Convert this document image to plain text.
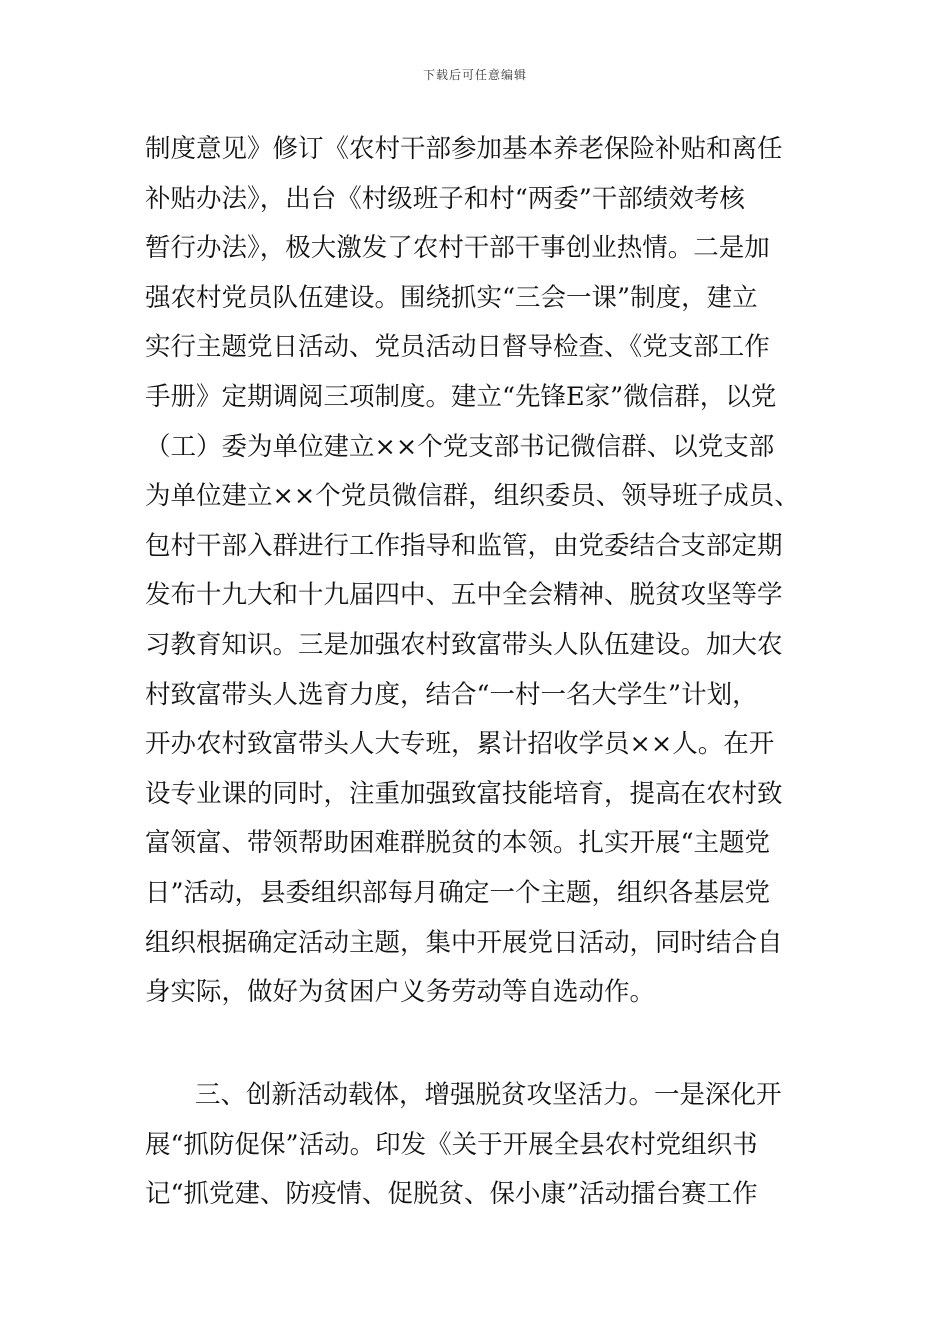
下载后可任意编辑
制度意见》修订《农村干部参加基本养老保险补贴和离任
补贴办法》，出台《村级班子和村“两委”干部绩效考核
暂行办法》，极大激发了农村干部干事创业热情。二是加
强农村党员队伍建设。围绕抓实“三会一课”制度，建立
实行主题党日活动、党员活动日督导检查、《党支部工作
手册》定期调阅三项制度。建立“先锋E家”微信群，以党
（工）委为单位建立××个党支部书记微信群、以党支部
为单位建立××个党员微信群，组织委员、领导班子成员、
包村干部入群进行工作指导和监管，由党委结合支部定期
发布十九大和十九届四中、五中全会精神、脱贫攻坚等学
习教育知识。三是加强农村致富带头人队伍建设。加大农
村致富带头人选育力度，结合“一村一名大学生”计划，
开办农村致富带头人大专班，累计招收学员××人。在开
设专业课的同时，注重加强致富技能培育，提高在农村致
富领富、带领帮助困难群脱贫的本领。扎实开展“主题党
日”活动，县委组织部每月确定一个主题，组织各基层党
组织根据确定活动主题，集中开展党日活动，同时结合自
身实际，做好为贫困户义务劳动等自选动作。
三、创新活动载体，增强脱贫攻坚活力。一是深化开
展“抓防促保”活动。印发《关于开展全县农村党组织书
记“抓党建、防疫情、促脱贫、保小康”活动擂台赛工作
